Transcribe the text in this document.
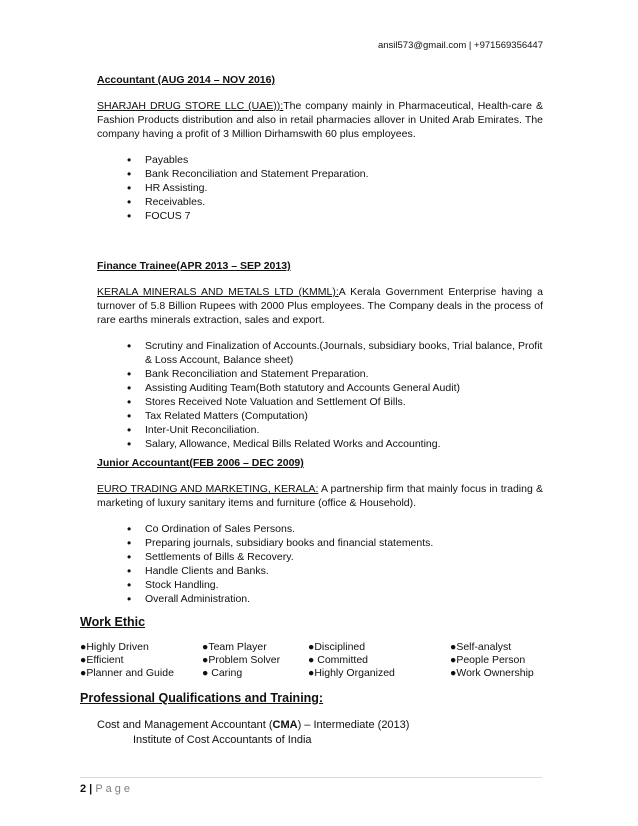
ansil573@gmail.com | +971569356447
Accountant (AUG 2014 – NOV 2016)
SHARJAH DRUG STORE LLC (UAE)):The company mainly in Pharmaceutical, Health-care & Fashion Products distribution and also in retail pharmacies allover in United Arab Emirates. The company having a profit of 3 Million Dirhamswith 60 plus employees.
• Payables
• Bank Reconciliation and Statement Preparation.
• HR Assisting.
• Receivables.
• FOCUS 7
Finance Trainee(APR 2013 – SEP 2013)
KERALA MINERALS AND METALS LTD (KMML):A Kerala Government Enterprise having a turnover of 5.8 Billion Rupees with 2000 Plus employees. The Company deals in the process of rare earths minerals extraction, sales and export.
• Scrutiny and Finalization of Accounts.(Journals, subsidiary books, Trial balance, Profit & Loss Account, Balance sheet)
• Bank Reconciliation and Statement Preparation.
• Assisting Auditing Team(Both statutory and Accounts General Audit)
• Stores Received Note Valuation and Settlement Of Bills.
• Tax Related Matters (Computation)
• Inter-Unit Reconciliation.
• Salary, Allowance, Medical Bills Related Works and Accounting.
Junior Accountant(FEB 2006 – DEC 2009)
EURO TRADING AND MARKETING, KERALA: A partnership firm that mainly focus in trading & marketing of luxury sanitary items and furniture (office & Household).
• Co Ordination of Sales Persons.
• Preparing journals, subsidiary books and financial statements.
• Settlements of Bills & Recovery.
• Handle Clients and Banks.
• Stock Handling.
• Overall Administration.
Work Ethic
●Highly Driven	●Team Player	●Disciplined	●Self-analyst
●Efficient	●Problem Solver	● Committed	●People Person
●Planner and Guide	● Caring	●Highly Organized	●Work Ownership
Professional Qualifications and Training:
Cost and Management Accountant (CMA) – Intermediate (2013)
Institute of Cost Accountants of India
2 | Page
